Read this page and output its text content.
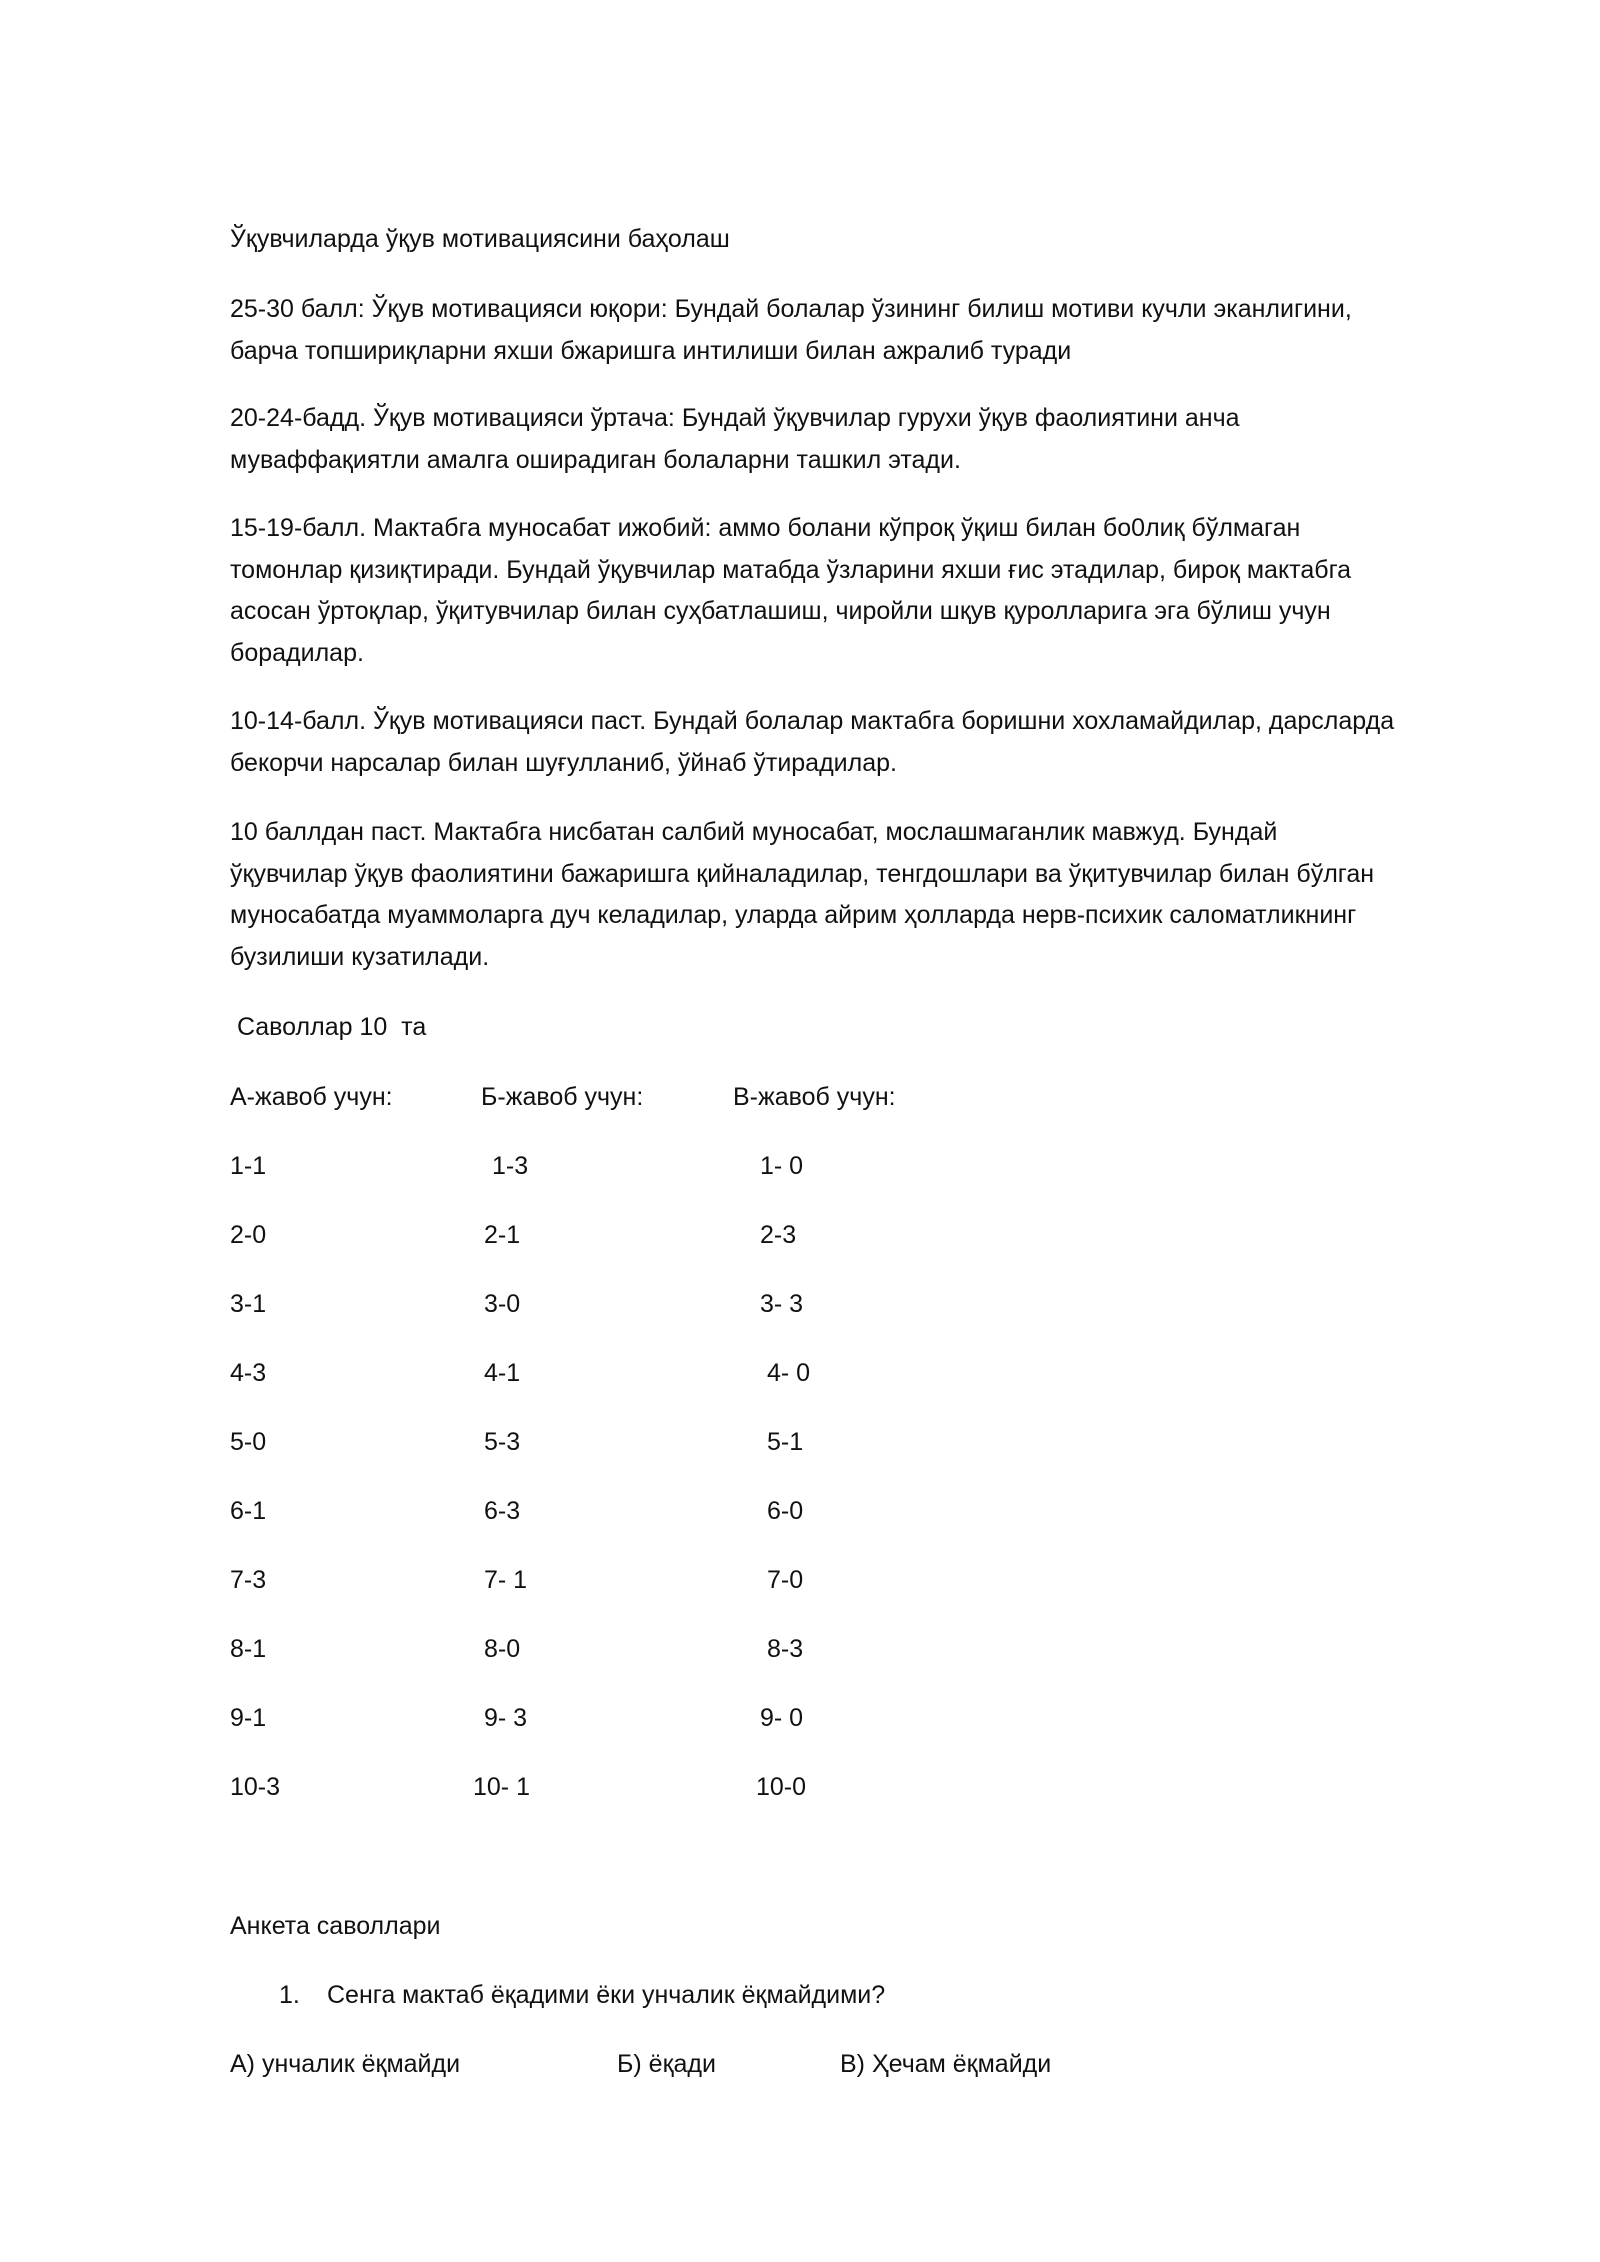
Ўқувчиларда ўқув мотивациясини баҳолаш

25-30 балл: Ўқув мотивацияси юқори: Бундай болалар ўзининг билиш мотиви кучли эканлигини,
барча топшириқларни яхши бжаришга интилиши билан ажралиб туради

20-24-бадд. Ўқув мотивацияси ўртача: Бундай ўқувчилар гурухи ўқув фаолиятини анча
муваффақиятли амалга оширадиган болаларни ташкил этади.

15-19-балл. Мактабга муносабат ижобий: аммо болани кўпроқ ўқиш билан бо0лиқ бўлмаган
томонлар қизиқтиради. Бундай ўқувчилар матабда ўзларини яхши ғис этадилар, бироқ мактабга
асосан ўртоқлар, ўқитувчилар билан суҳбатлашиш, чиройли шқув қуролларига эга бўлиш учун
борадилар.

10-14-балл. Ўқув мотивацияси паст. Бундай болалар мактабга боришни хохламайдилар, дарсларда
бекорчи нарсалар билан шуғулланиб, ўйнаб ўтирадилар.

10 баллдан паст. Мактабга нисбатан салбий муносабат, мослашмаганлик мавжуд. Бундай
ўқувчилар ўқув фаолиятини бажаришга қийналадилар, тенгдошлари ва ўқитувчилар билан бўлган
муносабатда муаммоларга дуч келадилар, уларда айрим ҳолларда нерв-психик саломатликнинг
бузилиши кузатилади.

Саволлар 10  та

А-жавоб учун:	Б-жавоб учун:	В-жавоб учун:

1-1	1-3	1- 0

2-0	2-1	2-3

3-1	3-0	3- 3

4-3	4-1	4- 0

5-0	5-3	5-1

6-1	6-3	6-0

7-3	7- 1	7-0

8-1	8-0	8-3

9-1	9- 3	9- 0

10-3	10- 1	10-0

Анкета саволлари

1. Сенга мактаб ёқадими ёки унчалик ёқмайдими?

А) унчалик ёқмайди	Б) ёқади	В) Ҳечам ёқмайди
